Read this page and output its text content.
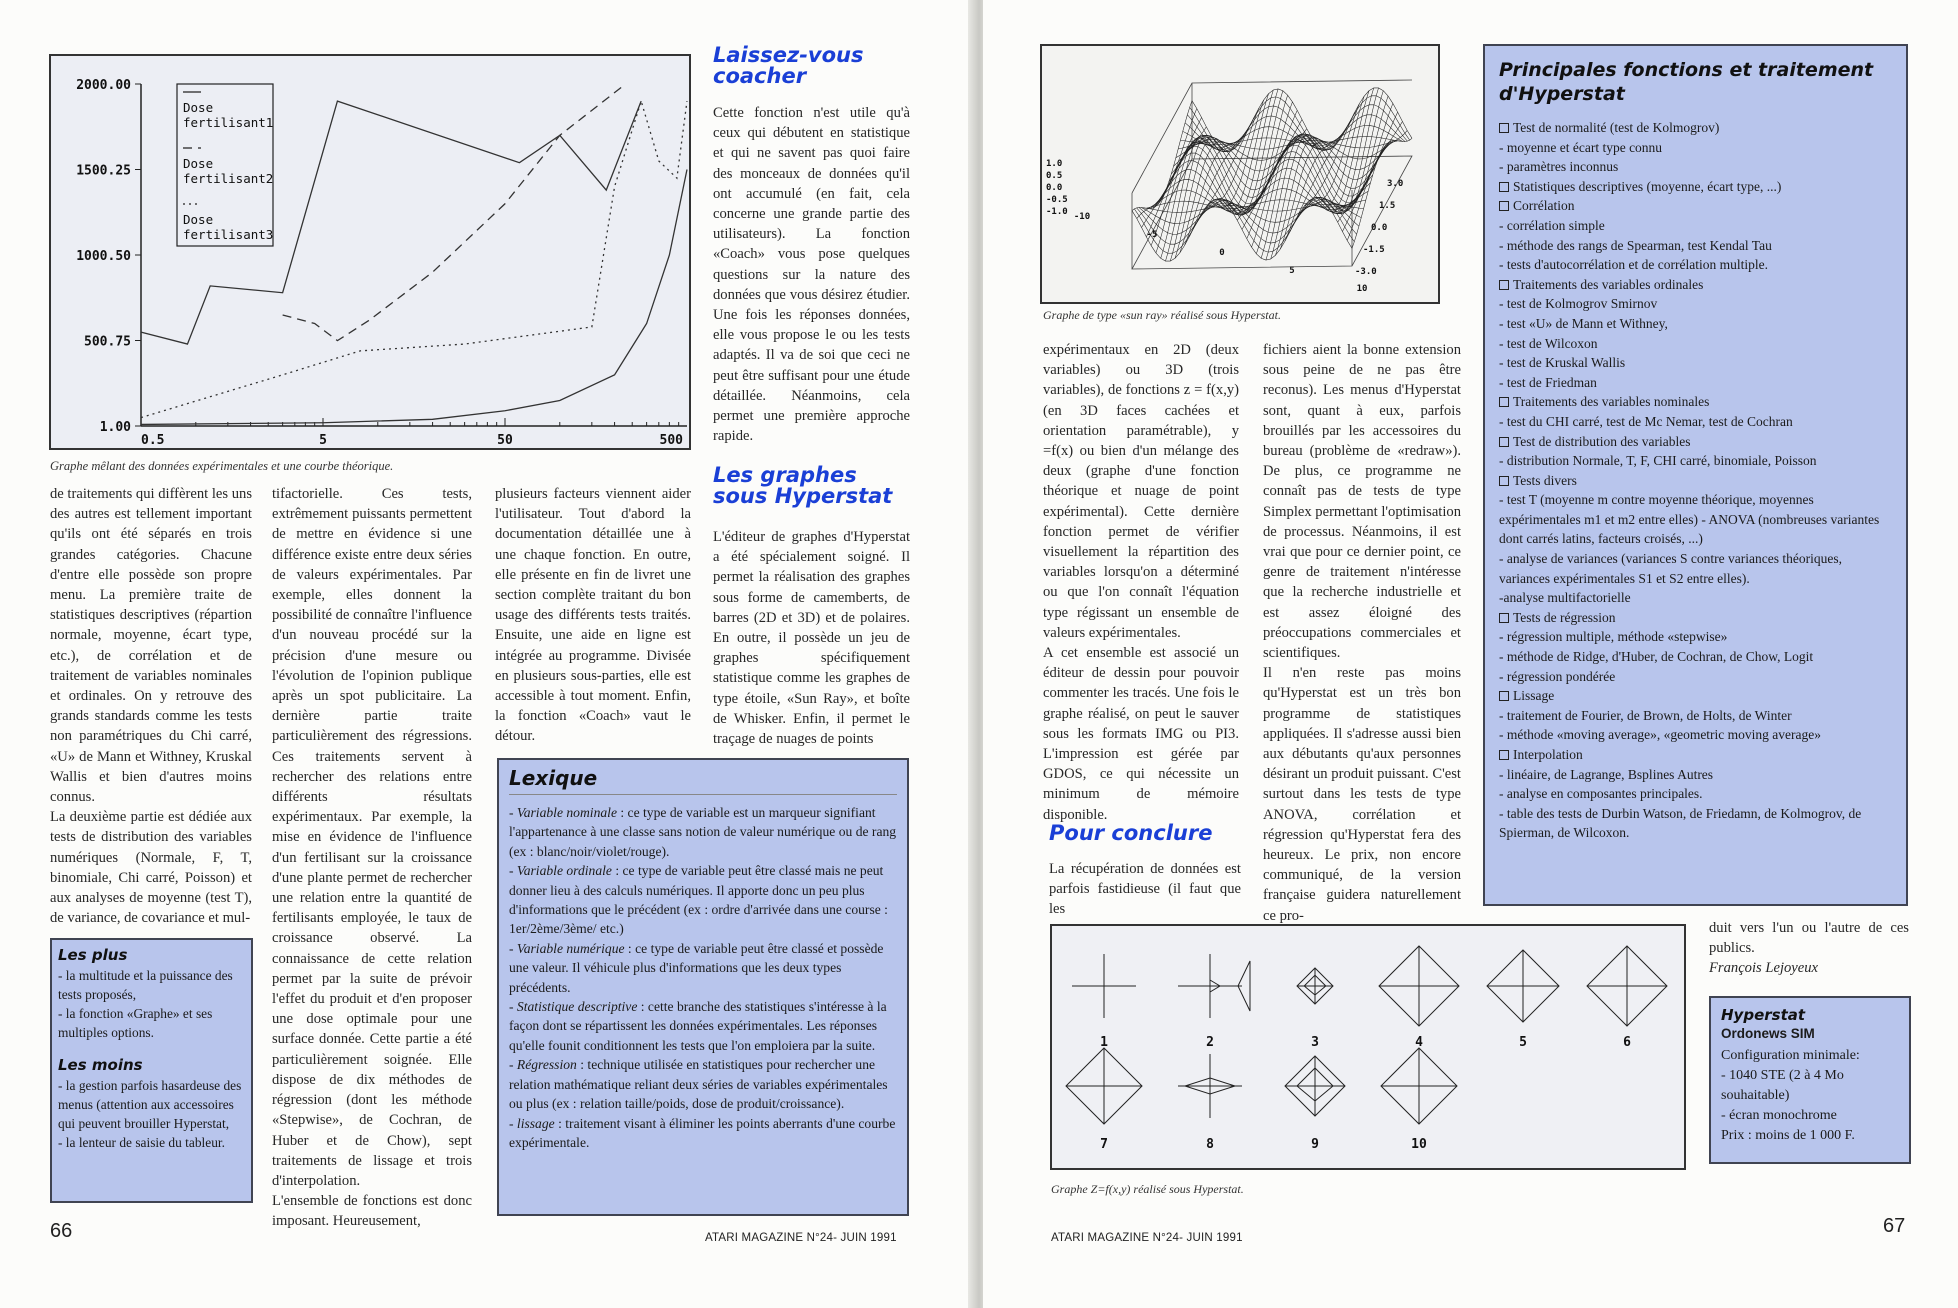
2000.00
1500.25
1000.50
500.75
1.00
0.5	5	50	500
Dose
fertilisant1
Dose
fertilisant2
Dose
fertilisant3
Graphe mêlant des données expérimentales et une courbe théorique.

de traitements qui diffèrent les uns des autres est tellement important qu'ils ont été séparés en trois grandes catégories. Chacune d'entre elle possède son propre menu. La première traite de statistiques descriptives (répartion normale, moyenne, écart type, etc.), de corrélation et de traitement de variables nominales et ordinales. On y retrouve des grands standards comme les tests non paramétriques du Chi carré, «U» de Mann et Withney, Kruskal Wallis et bien d'autres moins connus.

La deuxième partie est dédiée aux tests de distribution des variables numériques (Normale, F, T, binomiale, Chi carré, Poisson) et aux analyses de moyenne (test T), de variance, de covariance et mul-

Les plus
- la multitude et la puissance des tests proposés,
- la fonction «Graphe» et ses multiples options.
Les moins
- la gestion parfois hasardeuse des menus (attention aux accessoires qui peuvent brouiller Hyperstat,
- la lenteur de saisie du tableur.

tifactorielle. Ces tests, extrêmement puissants permettent de mettre en évidence si une différence existe entre deux séries de valeurs expérimentales. Par exemple, elles donnent la possibilité de connaître l'influence d'un nouveau procédé sur la précision d'une mesure ou l'évolution de l'opinion publique après un spot publicitaire. La dernière partie traite particulièrement des régressions. Ces traitements servent à rechercher des relations entre différents résultats expérimentaux. Par exemple, la mise en évidence de l'influence d'un fertilisant sur la croissance d'une plante permet de rechercher une relation entre la quantité de fertilisants employée, le taux de croissance observé. La connaissance de cette relation permet par la suite de prévoir l'effet du produit et d'en proposer une dose optimale pour une surface donnée. Cette partie a été particulièrement soignée. Elle dispose de dix méthodes de régression (dont les méthode «Stepwise», de Cochran, de Huber et de Chow), sept traitements de lissage et trois d'interpolation.

L'ensemble de fonctions est donc imposant. Heureusement,

plusieurs facteurs viennent aider l'utilisateur. Tout d'abord la documentation détaillée une à une chaque fonction. En outre, elle présente en fin de livret une section complète traitant du bon usage des différents tests traités. Ensuite, une aide en ligne est intégrée au programme. Divisée en plusieurs sous-parties, elle est accessible à tout moment. Enfin, la fonction «Coach» vaut le détour.

Laissez-vous coacher
Cette fonction n'est utile qu'à ceux qui débutent en statistique et qui ne savent pas quoi faire des monceaux de données qu'il ont accumulé (en fait, cela concerne une grande partie des utilisateurs). La fonction «Coach» vous pose quelques questions sur la nature des données que vous désirez étudier. Une fois les réponses données, elle vous propose le ou les tests adaptés. Il va de soi que ceci ne peut être suffisant pour une étude détaillée. Néanmoins, cela permet une première approche rapide.
Les graphes sous Hyperstat
L'éditeur de graphes d'Hyperstat a été spécialement soigné. Il permet la réalisation des graphes sous forme de camemberts, de barres (2D et 3D) et de polaires. En outre, il possède un jeu de graphes spécifiquement statistique comme les graphes de type étoile, «Sun Ray», et boîte de Whisker. Enfin, il permet le traçage de nuages de points
Lexique
- Variable nominale : ce type de variable est un marqueur signifiant l'appartenance à une classe sans notion de valeur numérique ou de rang (ex : blanc/noir/violet/rouge).
- Variable ordinale : ce type de variable peut être classé mais ne peut donner lieu à des calculs numériques. Il apporte donc un peu plus d'informations que le précédent (ex : ordre d'arrivée dans une course : 1er/2ème/3ème/ etc.)
- Variable numérique : ce type de variable peut être classé et possède une valeur. Il véhicule plus d'informations que les deux types précédents.
- Statistique descriptive : cette branche des statistiques s'intéresse à la façon dont se répartissent les données expérimentales. Les réponses qu'elle founit conditionnent les tests que l'on emploiera par la suite.
- Régression : technique utilisée en statistiques pour rechercher une relation mathématique reliant deux séries de variables expérimentales ou plus (ex : relation taille/poids, dose de produit/croissance).
- lissage : traitement visant à éliminer les points aberrants d'une courbe expérimentale.
66	ATARI MAGAZINE N°24- JUIN 1991
1.0
0.5
0.0
-0.5
-1.0 -10
-5
0
5
10
3.0
1.5
0.0
-1.5
-3.0
Graphe de type «sun ray» réalisé sous Hyperstat.

expérimentaux en 2D (deux variables) ou 3D (trois variables), de fonctions z = f(x,y) (en 3D faces cachées et orientation paramétrable), y =f(x) ou bien d'un mélange des deux (graphe d'une fonction théorique et nuage de point expérimental). Cette dernière fonction permet de vérifier visuellement la répartition des variables lorsqu'on a déterminé ou que l'on connaît l'équation type régissant un ensemble de valeurs expérimentales.

A cet ensemble est associé un éditeur de dessin pour pouvoir commenter les tracés. Une fois le graphe réalisé, on peut le sauver sous les formats IMG ou PI3. L'impression est gérée par GDOS, ce qui nécessite un minimum de mémoire disponible.

Pour conclure
La récupération de données est parfois fastidieuse (il faut que les

fichiers aient la bonne extension sous peine de ne pas être reconus). Les menus d'Hyperstat sont, quant à eux, parfois brouillés par les accessoires du bureau (problème de «redraw»). De plus, ce programme ne connaît pas de tests de type Simplex permettant l'optimisation de processus. Néanmoins, il est vrai que pour ce dernier point, ce genre de traitement n'intéresse que la recherche industrielle et est assez éloigné des préoccupations commerciales et scientifiques.

Il n'en reste pas moins qu'Hyperstat est un très bon programme de statistiques appliquées. Il s'adresse aussi bien aux débutants qu'aux personnes désirant un produit puissant. C'est surtout dans les tests de type ANOVA, corrélation et régression qu'Hyperstat fera des heureux. Le prix, non encore communiqué, de la version française guidera naturellement ce pro-

Principales fonctions et traitement d'Hyperstat
Test de normalité (test de Kolmogrov)
- moyenne et écart type connu
- paramètres inconnus
Statistiques descriptives (moyenne, écart type, ...)
Corrélation
- corrélation simple
- méthode des rangs de Spearman, test Kendal Tau
- tests d'autocorrélation et de corrélation multiple.
Traitements des variables ordinales
- test de Kolmogrov Smirnov
- test «U» de Mann et Withney,
- test de Wilcoxon
- test de Kruskal Wallis
- test de Friedman
Traitements des variables nominales
- test du CHI carré, test de Mc Nemar, test de Cochran
Test de distribution des variables
- distribution Normale, T, F, CHI carré, binomiale, Poisson
Tests divers
- test T (moyenne m contre moyenne théorique, moyennes expérimentales m1 et m2 entre elles) - ANOVA (nombreuses variantes dont carrés latins, facteurs croisés, ...)
- analyse de variances (variances S contre variances théoriques, variances expérimentales S1 et S2 entre elles).
-analyse multifactorielle
Tests de régression
- régression multiple, méthode «stepwise»
- méthode de Ridge, d'Huber, de Cochran, de Chow, Logit
- régression pondérée
Lissage
- traitement de Fourier, de Brown, de Holts, de Winter
- méthode «moving average», «geometric moving average»
Interpolation
- linéaire, de Lagrange, Bsplines Autres
- analyse en composantes principales.
- table des tests de Durbin Watson, de Friedamn, de Kolmogrov, de Spierman, de Wilcoxon.
1	2	3	4	5	6
7	8	9	10
Graphe Z=f(x,y) réalisé sous Hyperstat.
duit vers l'un ou l'autre de ces publics.
François Lejoyeux
Hyperstat
Ordonews SIM
Configuration minimale:
- 1040 STE (2 à 4 Mo souhaitable)
- écran monochrome
Prix : moins de 1 000 F.
ATARI MAGAZINE N°24- JUIN 1991
67
